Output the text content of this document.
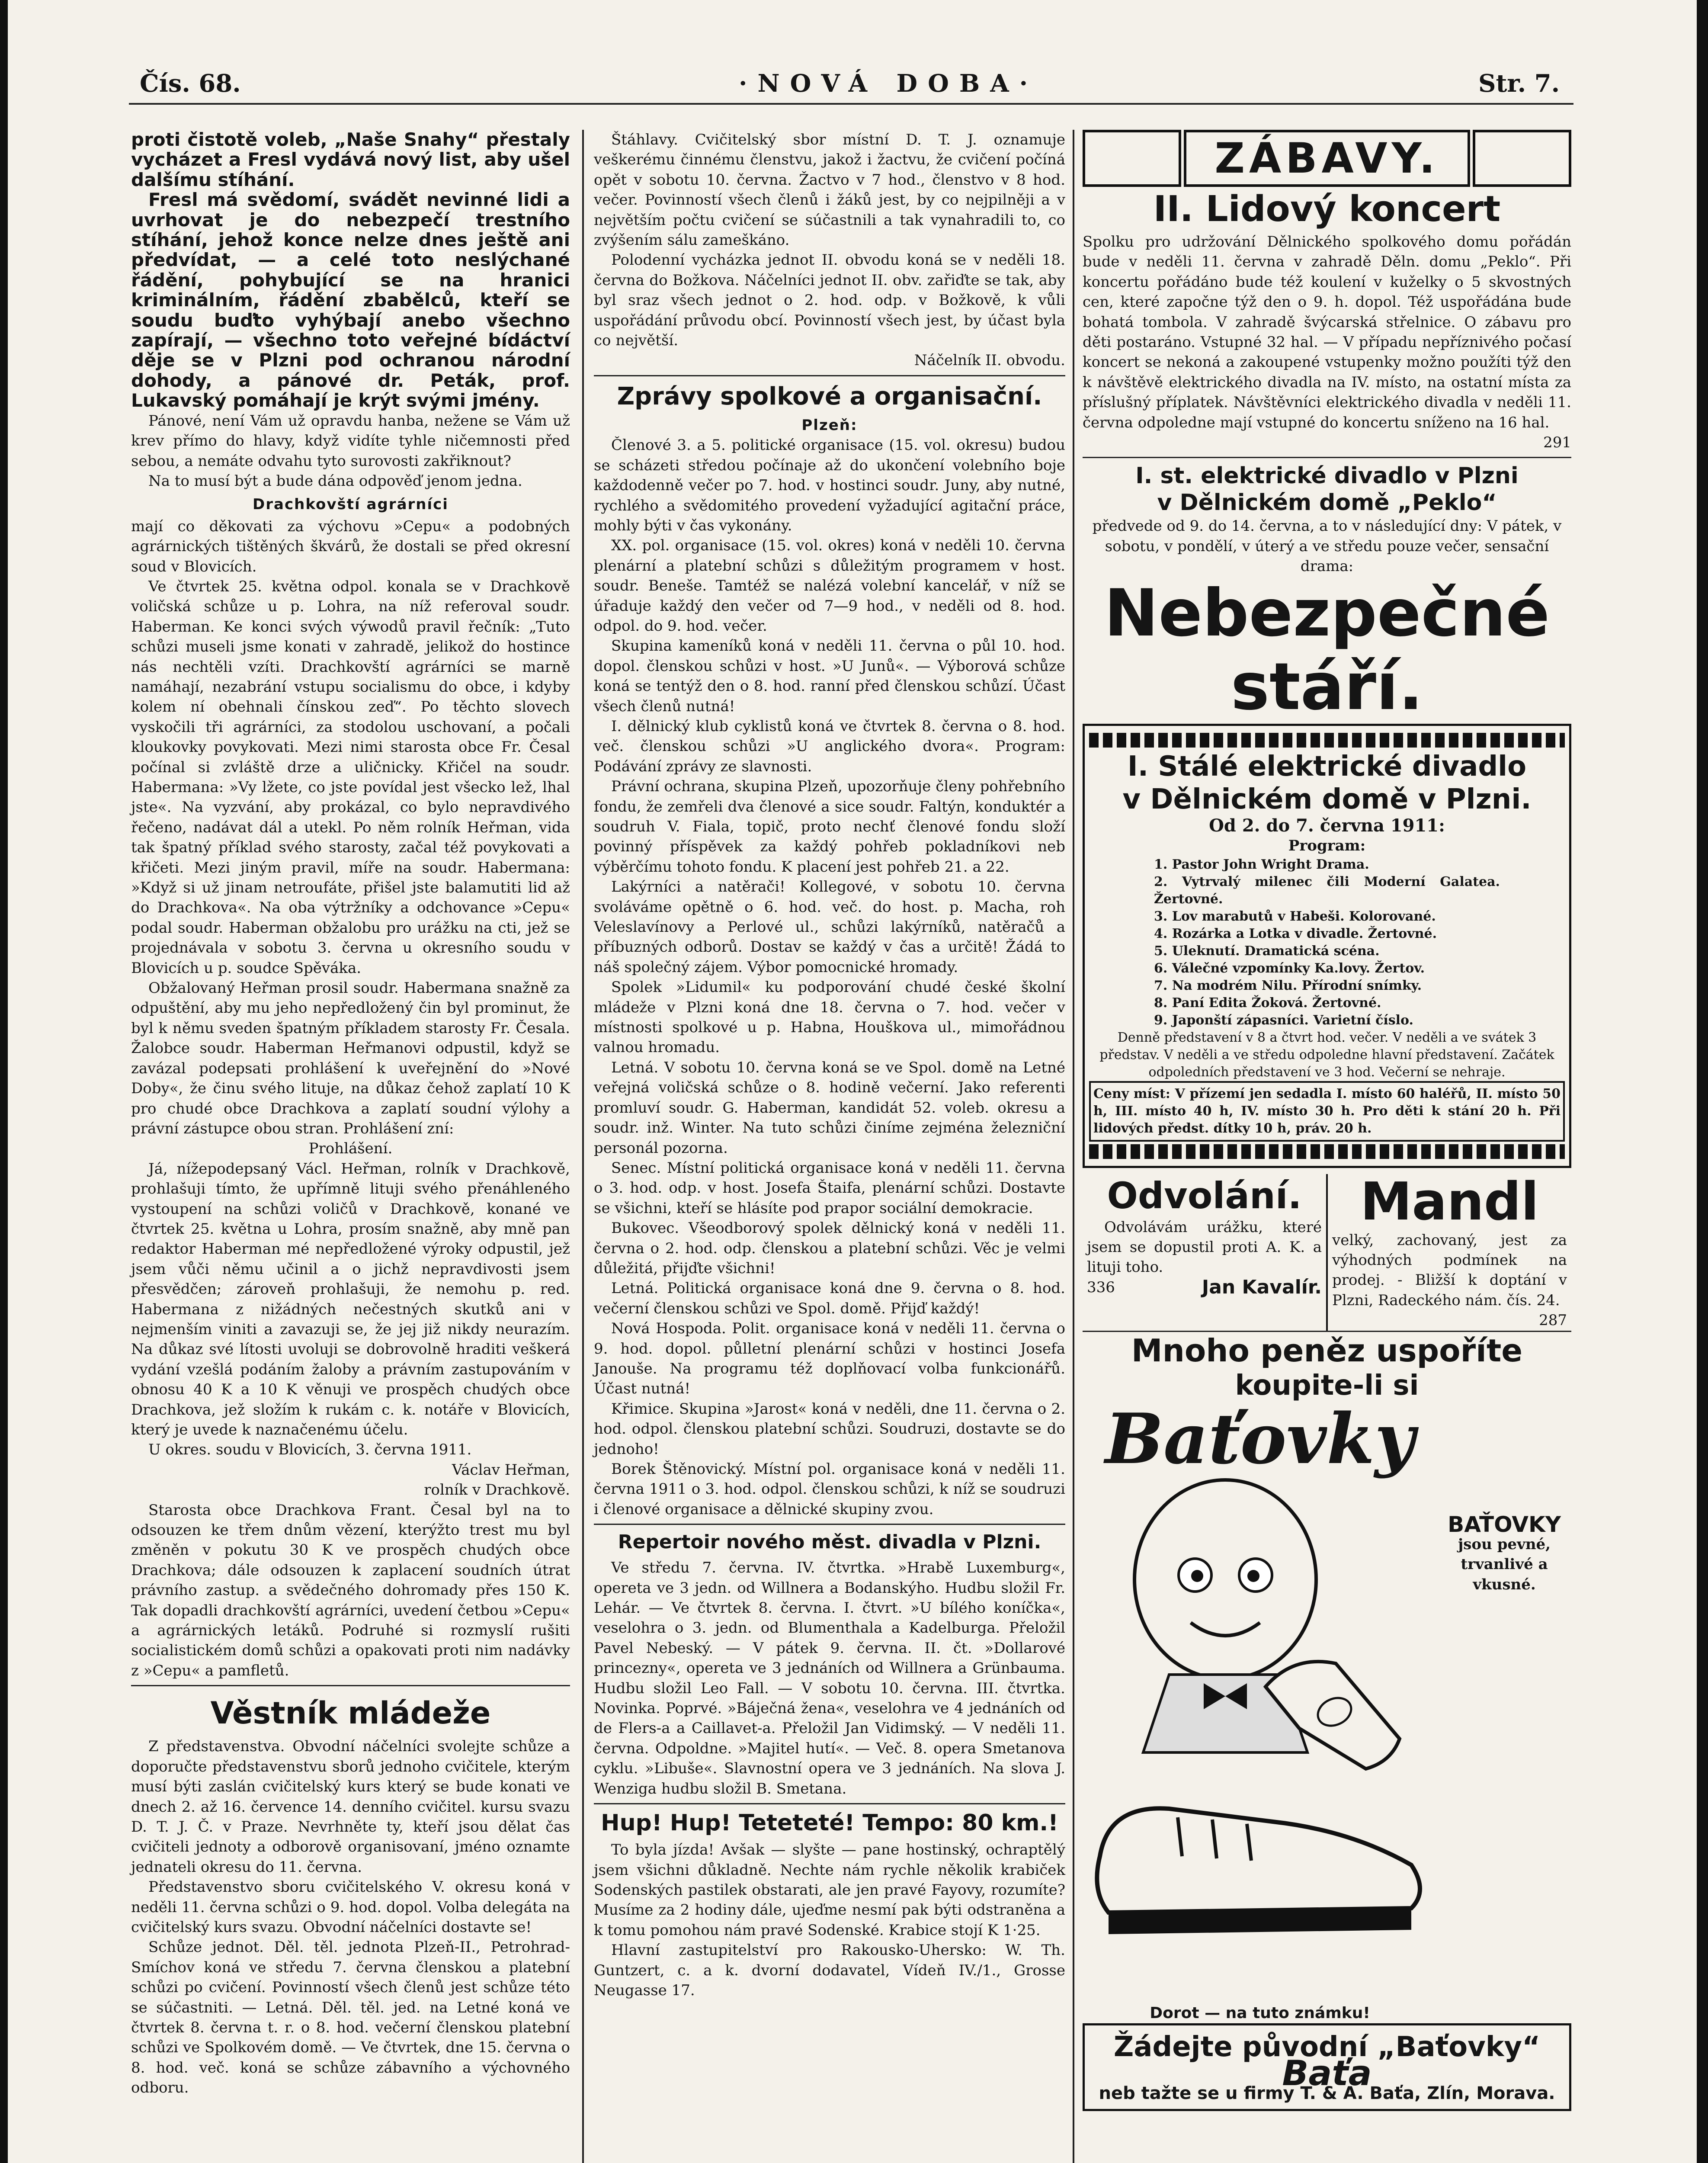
Čís. 68.	·NOVÁ DOBA·	Str. 7.

proti čistotě voleb, „Naše Snahy“ přestaly vycházet a Fresl vydává nový list, aby ušel dalšímu stíhání.

Fresl má svědomí, svádět nevinné lidi a uvrhovat je do nebezpečí trestního stíhání, jehož konce nelze dnes ještě ani předvídat, — a celé toto neslýchané řádění, pohybující se na hranici kriminálním, řádění zbabělců, kteří se soudu buďto vyhýbají anebo všechno zapírají, — všechno toto veřejné bídáctví děje se v Plzni pod ochranou národní dohody, a pánové dr. Peták, prof. Lukavský pomáhají je krýt svými jmény.

Pánové, není Vám už opravdu hanba, nežene se Vám už krev přímo do hlavy, když vidíte tyhle ničemnosti před sebou, a nemáte odvahu tyto surovosti zakřiknout?

Na to musí být a bude dána odpověď jenom jedna.

Drachkovští agrárníci

mají co děkovati za výchovu »Cepu« a podobných agrárnických tištěných škvárů, že dostali se před okresní soud v Blovicích.

Ve čtvrtek 25. května odpol. konala se v Drachkově voličská schůze u p. Lohra, na níž referoval soudr. Haberman. Ke konci svých výwodů pravil řečník: „Tuto schůzi museli jsme konati v zahradě, jelikož do hostince nás nechtěli vzíti. Drachkovští agrárníci se marně namáhají, nezabrání vstupu socialismu do obce, i kdyby kolem ní obehnali čínskou zeď“. Po těchto slovech vyskočili tři agrárníci, za stodolou uschovaní, a počali kloukovky povykovati. Mezi nimi starosta obce Fr. Česal počínal si zvláště drze a uličnicky. Křičel na soudr. Habermana: »Vy lžete, co jste povídal jest všecko lež, lhal jste«. Na vyzvání, aby prokázal, co bylo nepravdivého řečeno, nadávat dál a utekl. Po něm rolník Heřman, vida tak špatný příklad svého starosty, začal též povykovati a křičeti. Mezi jiným pravil, míře na soudr. Habermana: »Když si už jinam netroufáte, přišel jste balamutiti lid až do Drachkova«. Na oba výtržníky a odchovance »Cepu« podal soudr. Haberman obžalobu pro urážku na cti, jež se projednávala v sobotu 3. června u okresního soudu v Blovicích u p. soudce Spěváka.

Obžalovaný Heřman prosil soudr. Habermana snažně za odpuštění, aby mu jeho nepředložený čin byl prominut, že byl k němu sveden špatným příkladem starosty Fr. Česala. Žalobce soudr. Haberman Heřmanovi odpustil, když se zavázal podepsati prohlášení k uveřejnění do »Nové Doby«, že činu svého lituje, na důkaz čehož zaplatí 10 K pro chudé obce Drachkova a zaplatí soudní výlohy a právní zástupce obou stran. Prohlášení zní:

Prohlášení.

Já, nížepodepsaný Václ. Heřman, rolník v Drachkově, prohlašuji tímto, že upřímně lituji svého přenáhleného vystoupení na schůzi voličů v Drachkově, konané ve čtvrtek 25. května u Lohra, prosím snažně, aby mně pan redaktor Haberman mé nepředložené výroky odpustil, jež jsem vůči němu učinil a o jichž nepravdivosti jsem přesvědčen; zároveň prohlašuji, že nemohu p. red. Habermana z nižádných nečestných skutků ani v nejmenším viniti a zavazuji se, že jej již nikdy neurazím. Na důkaz své lítosti uvoluji se dobrovolně hraditi veškerá vydání vzešlá podáním žaloby a právním zastupováním v obnosu 40 K a 10 K věnuji ve prospěch chudých obce Drachkova, jež složím k rukám c. k. notáře v Blovicích, který je uvede k naznačenému účelu.

U okres. soudu v Blovicích, 3. června 1911.

Václav Heřman,
rolník v Drachkově.

Starosta obce Drachkova Frant. Česal byl na to odsouzen ke třem dnům vězení, kterýžto trest mu byl změněn v pokutu 30 K ve prospěch chudých obce Drachkova; dále odsouzen k zaplacení soudních útrat právního zastup. a svědečného dohromady přes 150 K. Tak dopadli drachkovští agrárníci, uvedení četbou »Cepu« a agrárnických letáků. Podruhé si rozmyslí rušiti socialistickém domů schůzi a opakovati proti nim nadávky z »Cepu« a pamfletů.

Věstník mládeže

Z představenstva. Obvodní náčelníci svolejte schůze a doporučte představenstvu sborů jednoho cvičitele, kterým musí býti zaslán cvičitelský kurs který se bude konati ve dnech 2. až 16. července 14. denního cvičitel. kursu svazu D. T. J. Č. v Praze. Nevrhněte ty, kteří jsou dělat čas cvičiteli jednoty a odborově organisovaní, jméno oznamte jednateli okresu do 11. června.

Představenstvo sboru cvičitelského V. okresu koná v neděli 11. června schůzi o 9. hod. dopol. Volba delegáta na cvičitelský kurs svazu. Obvodní náčelníci dostavte se!

Schůze jednot. Děl. těl. jednota Plzeň-II., Petrohrad-Smíchov koná ve středu 7. června členskou a platební schůzi po cvičení. Povinností všech členů jest schůze této se súčastniti. — Letná. Děl. těl. jed. na Letné koná ve čtvrtek 8. června t. r. o 8. hod. večerní členskou platební schůzi ve Spolkovém domě. — Ve čtvrtek, dne 15. června o 8. hod. več. koná se schůze zábavního a výchovného odboru.

Štáhlavy. Cvičitelský sbor místní D. T. J. oznamuje veškerému činnému členstvu, jakož i žactvu, že cvičení počíná opět v sobotu 10. června. Žactvo v 7 hod., členstvo v 8 hod. večer. Povinností všech členů i žáků jest, by co nejpilněji a v největším počtu cvičení se súčastnili a tak vynahradili to, co zvýšením sálu zameškáno.

Polodenní vycházka jednot II. obvodu koná se v neděli 18. června do Božkova. Náčelníci jednot II. obv. zařiďte se tak, aby byl sraz všech jednot o 2. hod. odp. v Božkově, k vůli uspořádání průvodu obcí. Povinností všech jest, by účast byla co největší.

Náčelník II. obvodu.
Zprávy spolkové a organisační.
Plzeň:

Členové 3. a 5. politické organisace (15. vol. okresu) budou se scházeti středou počínaje až do ukončení volebního boje každodenně večer po 7. hod. v hostinci soudr. Juny, aby nutné, rychlého a svědomitého provedení vyžadující agitační práce, mohly býti v čas vykonány.

XX. pol. organisace (15. vol. okres) koná v neděli 10. června plenární a platební schůzi s důležitým programem v host. soudr. Beneše. Tamtéž se nalézá volební kancelář, v níž se úřaduje každý den večer od 7—9 hod., v neděli od 8. hod. odpol. do 9. hod. večer.

Skupina kameníků koná v neděli 11. června o půl 10. hod. dopol. členskou schůzi v host. »U Junů«. — Výborová schůze koná se tentýž den o 8. hod. ranní před členskou schůzí. Účast všech členů nutná!

I. dělnický klub cyklistů koná ve čtvrtek 8. června o 8. hod. več. členskou schůzi »U anglického dvora«. Program: Podávání zprávy ze slavnosti.

Právní ochrana, skupina Plzeň, upozorňuje členy pohřebního fondu, že zemřeli dva členové a sice soudr. Faltýn, konduktér a soudruh V. Fiala, topič, proto nechť členové fondu složí povinný příspěvek za každý pohřeb pokladníkovi neb výběrčímu tohoto fondu. K placení jest pohřeb 21. a 22.

Lakýrníci a natěrači! Kollegové, v sobotu 10. června svoláváme opětně o 6. hod. več. do host. p. Macha, roh Veleslavínovy a Perlové ul., schůzi lakýrníků, natěračů a příbuzných odborů. Dostav se každý v čas a určitě! Žádá to náš společný zájem. Výbor pomocnické hromady.

Spolek »Lidumil« ku podporování chudé české školní mládeže v Plzni koná dne 18. června o 7. hod. večer v místnosti spolkové u p. Habna, Houškova ul., mimořádnou valnou hromadu.

Letná. V sobotu 10. června koná se ve Spol. domě na Letné veřejná voličská schůze o 8. hodině večerní. Jako referenti promluví soudr. G. Haberman, kandidát 52. voleb. okresu a soudr. inž. Winter. Na tuto schůzi činíme zejména železniční personál pozorna.

Senec. Místní politická organisace koná v neděli 11. června o 3. hod. odp. v host. Josefa Štaifa, plenární schůzi. Dostavte se všichni, kteří se hlásíte pod prapor sociální demokracie.

Bukovec. Všeodborový spolek dělnický koná v neděli 11. června o 2. hod. odp. členskou a platební schůzi. Věc je velmi důležitá, přijďte všichni!

Letná. Politická organisace koná dne 9. června o 8. hod. večerní členskou schůzi ve Spol. domě. Přijď každý!

Nová Hospoda. Polit. organisace koná v neděli 11. června o 9. hod. dopol. půlletní plenární schůzi v hostinci Josefa Janouše. Na programu též doplňovací volba funkcionářů. Účast nutná!

Křimice. Skupina »Jarost« koná v neděli, dne 11. června o 2. hod. odpol. členskou platební schůzi. Soudruzi, dostavte se do jednoho!

Borek Štěnovický. Místní pol. organisace koná v neděli 11. června 1911 o 3. hod. odpol. členskou schůzi, k níž se soudruzi i členové organisace a dělnické skupiny zvou.

Repertoir nového měst. divadla v Plzni.

Ve středu 7. června. IV. čtvrtka. »Hrabě Luxemburg«, opereta ve 3 jedn. od Willnera a Bodanskýho. Hudbu složil Fr. Lehár. — Ve čtvrtek 8. června. I. čtvrt. »U bílého koníčka«, veselohra o 3. jedn. od Blumenthala a Kadelburga. Přeložil Pavel Nebeský. — V pátek 9. června. II. čt. »Dollarové princezny«, opereta ve 3 jednáních od Willnera a Grünbauma. Hudbu složil Leo Fall. — V sobotu 10. června. III. čtvrtka. Novinka. Poprvé. »Báječná žena«, veselohra ve 4 jednáních od de Flers-a a Caillavet-a. Přeložil Jan Vidimský. — V neděli 11. června. Odpoldne. »Majitel hutí«. — Več. 8. opera Smetanova cyklu. »Libuše«. Slavnostní opera ve 3 jednáních. Na slova J. Wenziga hudbu složil B. Smetana.

Hup! Hup! Teteteté! Tempo: 80 km.!

To byla jízda! Avšak — slyšte — pane hostinský, ochraptělý jsem všichni důkladně. Nechte nám rychle několik krabiček Sodenských pastilek obstarati, ale jen pravé Fayovy, rozumíte? Musíme za 2 hodiny dále, ujeďme nesmí pak býti odstraněna a k tomu pomohou nám pravé Sodenské. Krabice stojí K 1·25.

Hlavní zastupitelství pro Rakousko-Uhersko: W. Th. Guntzert, c. a k. dvorní dodavatel, Vídeň IV./1., Grosse Neugasse 17.

ZÁBAVY.
II. Lidový koncert

Spolku pro udržování Dělnického spolkového domu pořádán bude v neděli 11. června v zahradě Děln. domu „Peklo“. Při koncertu pořádáno bude též koulení v kuželky o 5 skvostných cen, které započne týž den o 9. h. dopol. Též uspořádána bude bohatá tombola. V zahradě švýcarská střelnice. O zábavu pro děti postaráno. Vstupné 32 hal. — V případu nepříznivého počasí koncert se nekoná a zakoupené vstupenky možno použíti týž den k návštěvě elektrického divadla na IV. místo, na ostatní místa za příslušný příplatek. Návštěvníci elektrického divadla v neděli 11. června odpoledne mají vstupné do koncertu sníženo na 16 hal.

291
I. st. elektrické divadlo v Plzni
v Dělnickém domě „Peklo“

předvede od 9. do 14. června, a to v následující dny: V pátek, v sobotu, v pondělí, v úterý a ve středu pouze večer, sensační drama:

Nebezpečné
stáří.
I. Stálé elektrické divadlo
v Dělnickém domě v Plzni.
Od 2. do 7. června 1911:
Program:
1. Pastor John Wright Drama.
2. Vytrvalý milenec čili Moderní Galatea. Žertovné.
3. Lov marabutů v Habeši. Kolorované.
4. Rozárka a Lotka v divadle. Žertovné.
5. Uleknutí. Dramatická scéna.
6. Válečné vzpomínky Ka.lovy. Žertov.
7. Na modrém Nilu. Přírodní snímky.
8. Paní Edita Žoková. Žertovné.
9. Japonští zápasníci. Varietní číslo.

Denně představení v 8 a čtvrt hod. večer. V neděli a ve svátek 3 představ. V neděli a ve středu odpoledne hlavní představení. Začátek odpoledních představení ve 3 hod. Večerní se nehraje.

Ceny míst: V přízemí jen sedadla I. místo 60 haléřů, II. místo 50 h, III. místo 40 h, IV. místo 30 h. Pro děti k stání 20 h. Při lidových předst. dítky 10 h, práv. 20 h.
Odvolání.

Odvolávám urážku, které jsem se dopustil proti A. K. a lituji toho.

336	Jan Kavalír.
Mandl

velký, zachovaný, jest za výhodných podmínek na prodej. - Bližší k doptání v Plzni, Radeckého nám. čís. 24.

287
Mnoho peněz uspoříte
koupite-li si
Baťovky
Dorot — na tuto známku!
BAŤOVKY
jsou pevné, trvanlivé a vkusné.
Žádejte původní „Baťovky“
Baťa
neb tažte se u firmy T. & A. Baťa, Zlín, Morava.
